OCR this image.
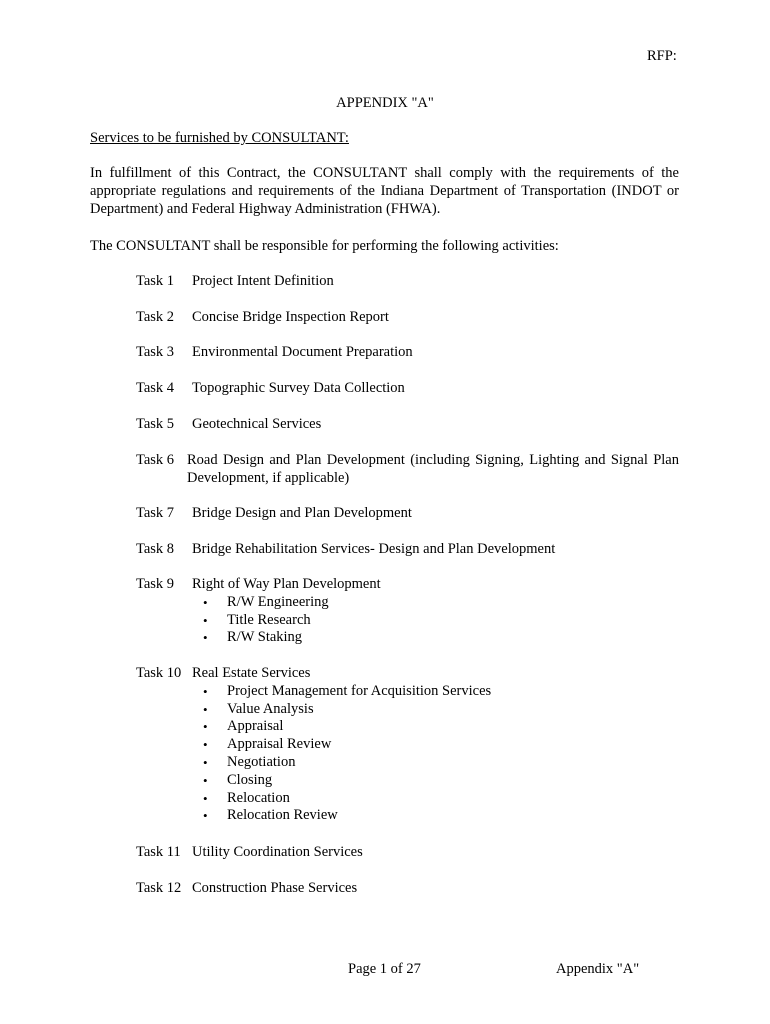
RFP:
APPENDIX "A"
Services to be furnished by CONSULTANT:
In fulfillment of this Contract, the CONSULTANT shall comply with the requirements of the appropriate regulations and requirements of the Indiana Department of Transportation (INDOT or Department) and Federal Highway Administration (FHWA).
The CONSULTANT shall be responsible for performing the following activities:
Task 1 Project Intent Definition
Task 2 Concise Bridge Inspection Report
Task 3 Environmental Document Preparation
Task 4 Topographic Survey Data Collection
Task 5 Geotechnical Services
Task 6 Road Design and Plan Development (including Signing, Lighting and Signal Plan
Development, if applicable)
Task 7 Bridge Design and Plan Development
Task 8 Bridge Rehabilitation Services- Design and Plan Development
Task 9 Right of Way Plan Development
• R/W Engineering
• Title Research
• R/W Staking
Task 10 Real Estate Services
• Project Management for Acquisition Services
• Value Analysis
• Appraisal
• Appraisal Review
• Negotiation
• Closing
• Relocation
• Relocation Review
Task 11 Utility Coordination Services
Task 12 Construction Phase Services
Page 1 of 27	Appendix "A"
